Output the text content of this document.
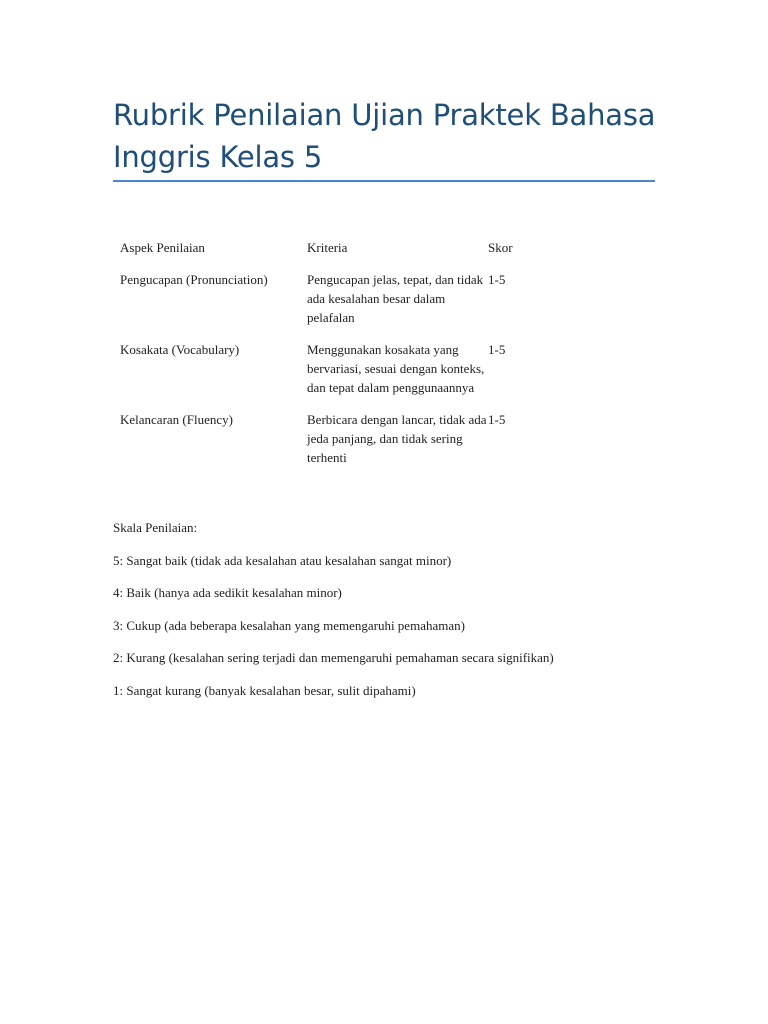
Rubrik Penilaian Ujian Praktek Bahasa Inggris Kelas 5
Aspek Penilaian	Kriteria	Skor
Pengucapan (Pronunciation)	Pengucapan jelas, tepat, dan tidak ada kesalahan besar dalam pelafalan	1-5
Kosakata (Vocabulary)	Menggunakan kosakata yang bervariasi, sesuai dengan konteks, dan tepat dalam penggunaannya	1-5
Kelancaran (Fluency)	Berbicara dengan lancar, tidak ada jeda panjang, dan tidak sering terhenti	1-5

Skala Penilaian:

5: Sangat baik (tidak ada kesalahan atau kesalahan sangat minor)

4: Baik (hanya ada sedikit kesalahan minor)

3: Cukup (ada beberapa kesalahan yang memengaruhi pemahaman)

2: Kurang (kesalahan sering terjadi dan memengaruhi pemahaman secara signifikan)

1: Sangat kurang (banyak kesalahan besar, sulit dipahami)
